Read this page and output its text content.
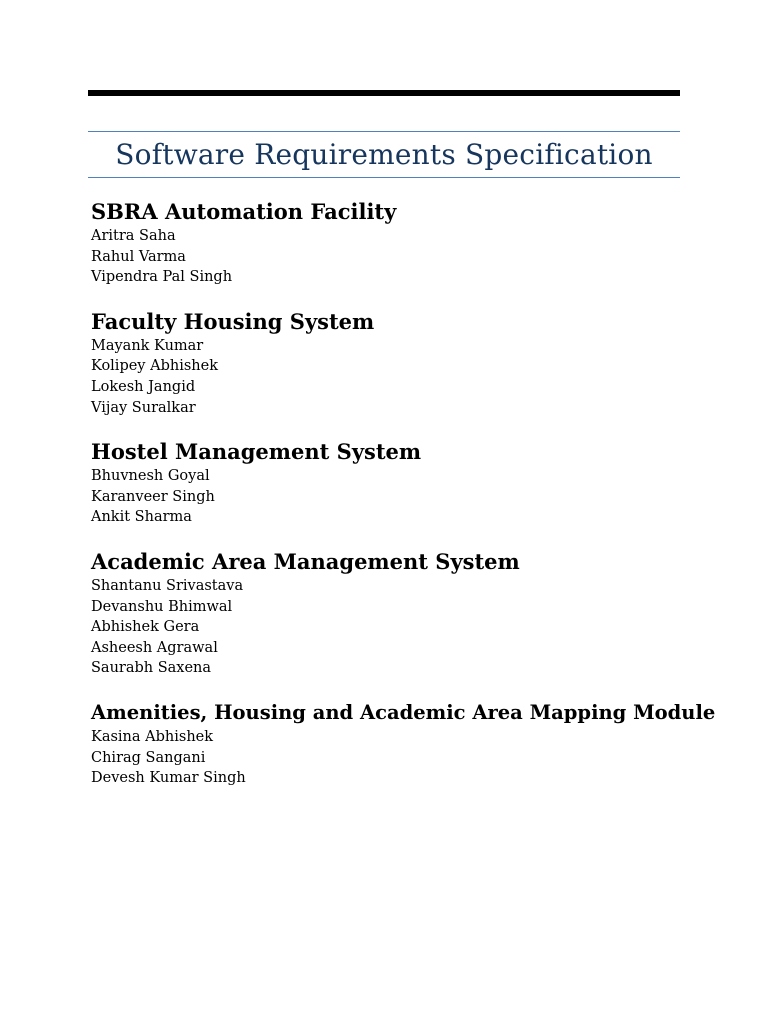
Software Requirements Specification
SBRA Automation Facility
Aritra Saha
Rahul Varma
Vipendra Pal Singh
Faculty Housing System
Mayank Kumar
Kolipey Abhishek
Lokesh Jangid
Vijay Suralkar
Hostel Management System
Bhuvnesh Goyal
Karanveer Singh
Ankit Sharma
Academic Area Management System
Shantanu Srivastava
Devanshu Bhimwal
Abhishek Gera
Asheesh Agrawal
Saurabh Saxena
Amenities, Housing and Academic Area Mapping Module
Kasina Abhishek
Chirag Sangani
Devesh Kumar Singh
